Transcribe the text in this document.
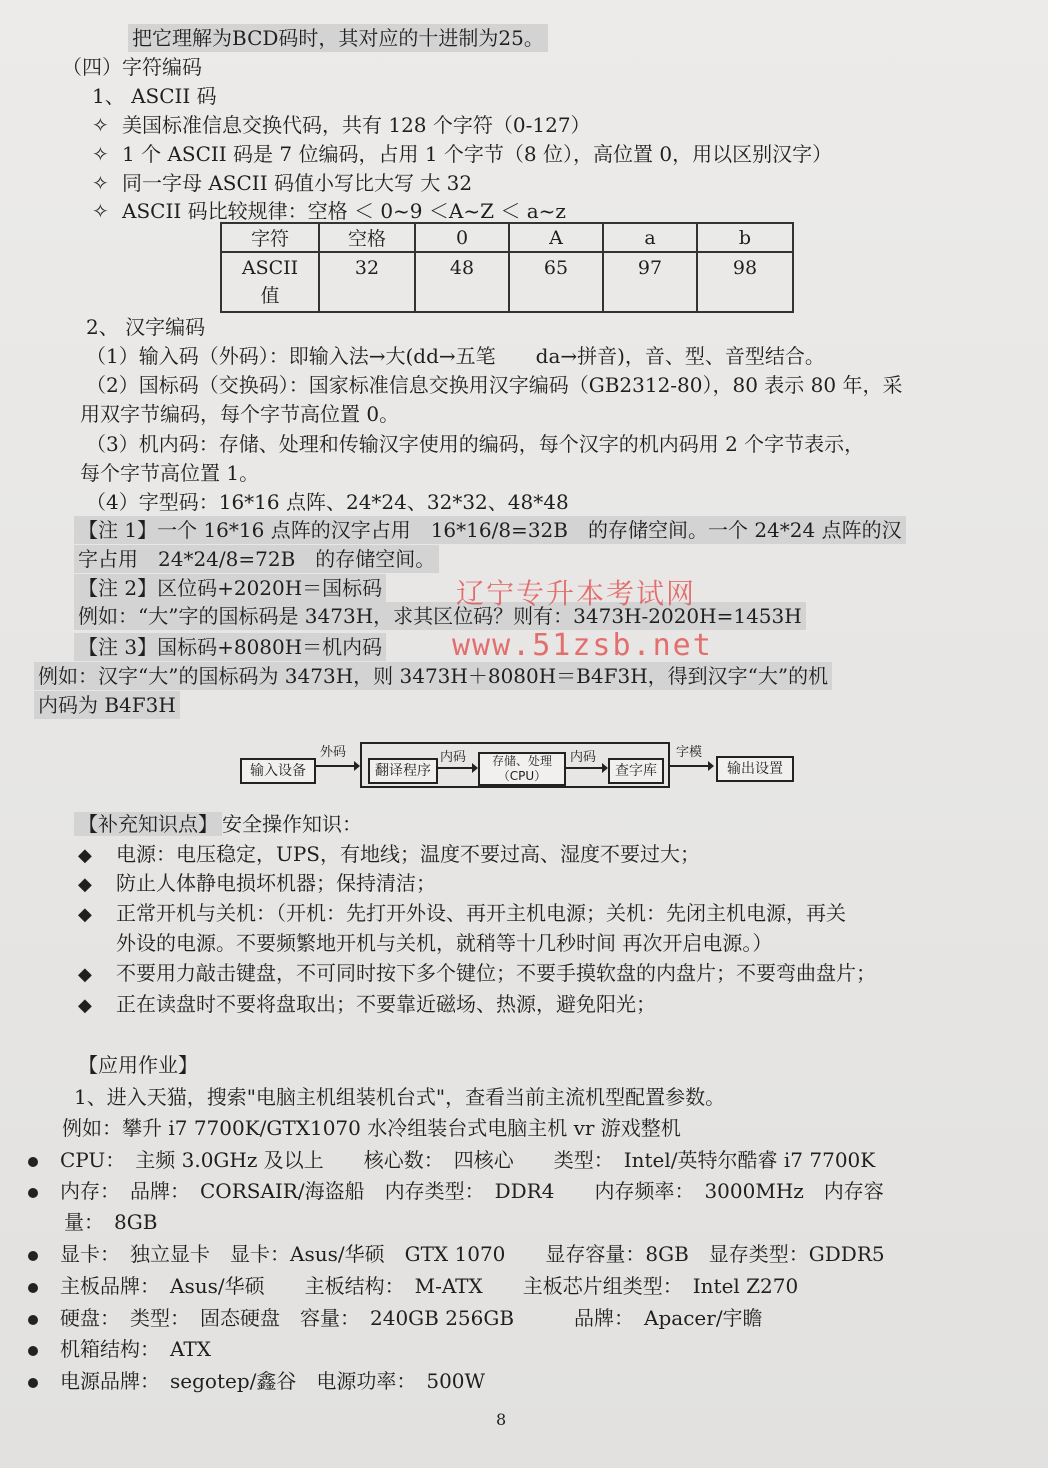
把它理解为BCD码时，其对应的十进制为25。
（四）字符编码
1、 ASCII 码
✧ 美国标准信息交换代码，共有 128 个字符（0-127）
✧ 1 个 ASCII 码是 7 位编码，占用 1 个字节（8 位），高位置 0，用以区别汉字）
✧ 同一字母 ASCII 码值小写比大写 大 32
✧ ASCII 码比较规律：空格 ＜ 0~9 ＜A~Z ＜ a~z
字符	空格	0	A	a	b
ASCII
值	32	48	65	97	98
2、 汉字编码
（1）输入码（外码）：即输入法→大(dd→五笔　　da→拼音)，音、型、音型结合。
（2）国标码（交换码）：国家标准信息交换用汉字编码（GB2312-80），80 表示 80 年，采
用双字节编码，每个字节高位置 0。
（3）机内码：存储、处理和传输汉字使用的编码，每个汉字的机内码用 2 个字节表示，
每个字节高位置 1。
（4）字型码：16*16 点阵、24*24、32*32、48*48
【注 1】一个 16*16 点阵的汉字占用　16*16/8=32B　的存储空间。一个 24*24 点阵的汉
字占用　24*24/8=72B　的存储空间。
【注 2】区位码+2020H＝国标码
例如：“大”字的国标码是 3473H，求其区位码？则有：3473H-2020H=1453H
【注 3】国标码+8080H＝机内码
例如：汉字“大”的国标码为 3473H，则 3473H＋8080H＝B4F3H，得到汉字“大”的机
内码为 B4F3H
辽宁专升本考试网
www.51zsb.net
输入设备
外码
翻译程序
内码	存储、处理（CPU）
内码
查字库
字模
输出设置
【补充知识点】 安全操作知识：
◆ 电源：电压稳定，UPS，有地线；温度不要过高、湿度不要过大；
◆ 防止人体静电损坏机器；保持清洁；
◆ 正常开机与关机：（开机：先打开外设、再开主机电源；关机：先闭主机电源，再关
外设的电源。不要频繁地开机与关机，就稍等十几秒时间 再次开启电源。）
◆ 不要用力敲击键盘，不可同时按下多个键位；不要手摸软盘的内盘片；不要弯曲盘片；
◆ 正在读盘时不要将盘取出；不要靠近磁场、热源，避免阳光；
【应用作业】
1、进入天猫，搜索"电脑主机组装机台式"，查看当前主流机型配置参数。
例如：攀升 i7 7700K/GTX1070 水冷组装台式电脑主机 vr 游戏整机
CPU：　主频 3.0GHz 及以上　　核心数：　四核心　　类型：　Intel/英特尔酷睿 i7 7700K
内存：　品牌：　CORSAIR/海盗船　内存类型：　DDR4　　内存频率：　3000MHz　内存容
量：　8GB
显卡：　独立显卡　显卡：Asus/华硕　GTX 1070　　显存容量：8GB　显存类型：GDDR5
主板品牌：　Asus/华硕　　主板结构：　M-ATX　　主板芯片组类型：　Intel Z270
硬盘：　类型：　固态硬盘　容量：　240GB 256GB　　　品牌：　Apacer/宇瞻
机箱结构：　ATX
电源品牌：　segotep/鑫谷　电源功率：　500W
8
